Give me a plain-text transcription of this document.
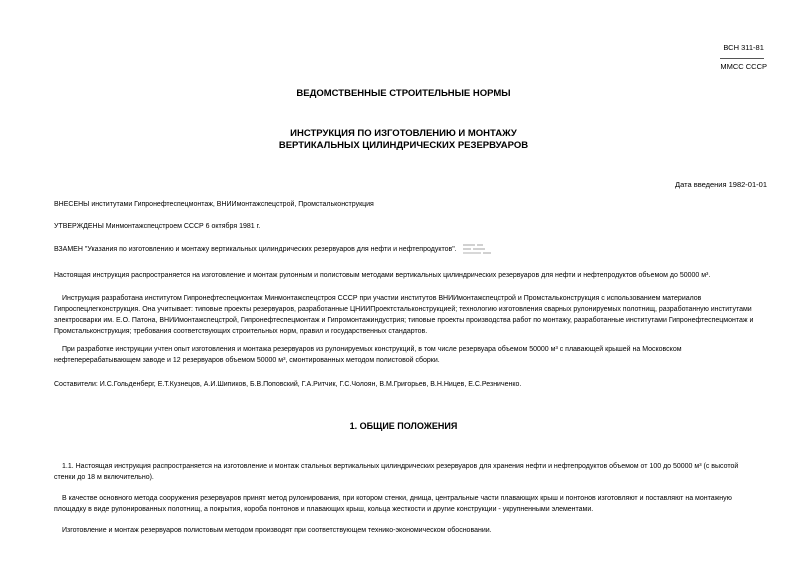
ВСН 311-81
ММСС СССР
ВЕДОМСТВЕННЫЕ СТРОИТЕЛЬНЫЕ НОРМЫ
ИНСТРУКЦИЯ ПО ИЗГОТОВЛЕНИЮ И МОНТАЖУ
ВЕРТИКАЛЬНЫХ ЦИЛИНДРИЧЕСКИХ РЕЗЕРВУАРОВ
Дата введения 1982-01-01
ВНЕСЕНЫ институтами Гипронефтеспецмонтаж, ВНИИмонтажспецстрой, Промстальконструкция
УТВЕРЖДЕНЫ Минмонтажспецстроем СССР 6 октября 1981 г.
ВЗАМЕН "Указания по изготовлению и монтажу вертикальных цилиндрических резервуаров для нефти и нефтепродуктов".
Настоящая инструкция распространяется на изготовление и монтаж рулонным и полистовым методами вертикальных цилиндрических резервуаров для нефти и нефтепродуктов объемом до 50000 м³.
Инструкция разработана институтом Гипронефтеспецмонтаж Минмонтажспецстроя СССР при участии институтов ВНИИмонтажспецстрой и Промстальконструкция с использованием материалов
Гипроспецлегконструкция. Она учитывает: типовые проекты резервуаров, разработанные ЦНИИПроектстальконструкцией; технологию изготовления сварных рулонируемых полотнищ, разработанную институтами
электросварки им. Е.О. Патона, ВНИИмонтажспецстрой, Гипронефтеспецмонтаж и Гипромонтажиндустрия; типовые проекты производства работ по монтажу, разработанные институтами Гипронефтеспецмонтаж и
Промстальконструкция; требования соответствующих строительных норм, правил и государственных стандартов.
При разработке инструкции учтен опыт изготовления и монтажа резервуаров из рулонируемых конструкций, в том числе резервуара объемом 50000 м³ с плавающей крышей на Московском
нефтеперерабатывающем заводе и 12 резервуаров объемом 50000 м³, смонтированных методом полистовой сборки.
Составители: И.С.Гольденберг, Е.Т.Кузнецов, А.И.Шипиков, Б.В.Поповский, Г.А.Ритчик, Г.С.Чолоян, В.М.Григорьев, В.Н.Ницев, Е.С.Резниченко.
1. ОБЩИЕ ПОЛОЖЕНИЯ
1.1. Настоящая инструкция распространяется на изготовление и монтаж стальных вертикальных цилиндрических резервуаров для хранения нефти и нефтепродуктов объемом от 100 до 50000 м³ (с высотой
стенки до 18 м включительно).
В качестве основного метода сооружения резервуаров принят метод рулонирования, при котором стенки, днища, центральные части плавающих крыш и понтонов изготовляют и поставляют на монтажную
площадку в виде рулонированных полотнищ, а покрытия, короба понтонов и плавающих крыш, кольца жесткости и другие конструкции - укрупненными элементами.
Изготовление и монтаж резервуаров полистовым методом производят при соответствующем технико-экономическом обосновании.
